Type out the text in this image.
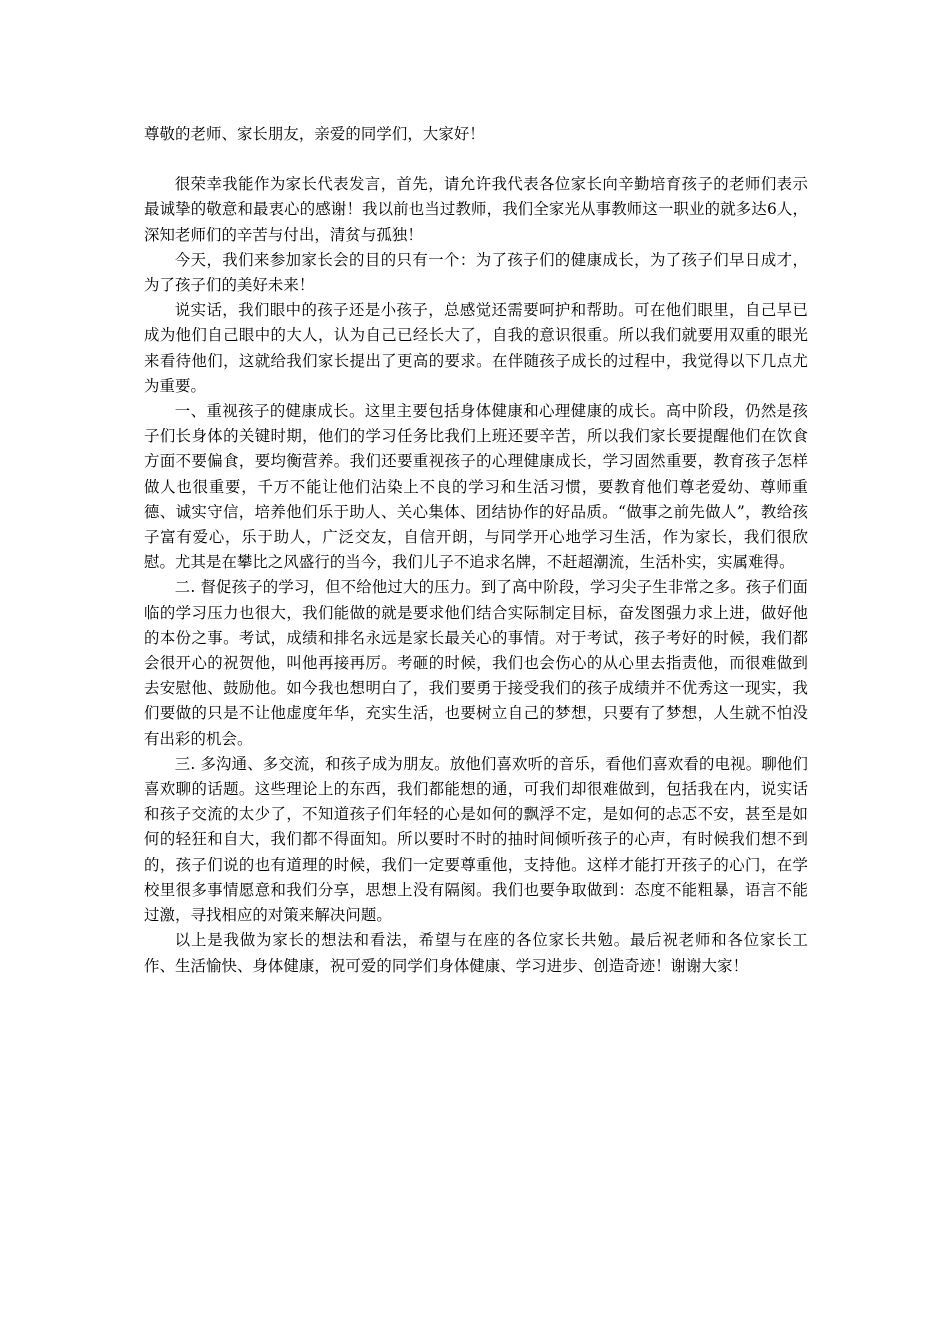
尊敬的老师、家长朋友，亲爱的同学们，大家好！

很荣幸我能作为家长代表发言，首先，请允许我代表各位家长向辛勤培育孩子的老师们表示最诚挚的敬意和最衷心的感谢！我以前也当过教师，我们全家光从事教师这一职业的就多达6人，深知老师们的辛苦与付出，清贫与孤独！

今天，我们来参加家长会的目的只有一个：为了孩子们的健康成长，为了孩子们早日成才，为了孩子们的美好未来！

说实话，我们眼中的孩子还是小孩子，总感觉还需要呵护和帮助。可在他们眼里，自己早已成为他们自己眼中的大人，认为自己已经长大了，自我的意识很重。所以我们就要用双重的眼光来看待他们，这就给我们家长提出了更高的要求。在伴随孩子成长的过程中，我觉得以下几点尤为重要。

一、重视孩子的健康成长。这里主要包括身体健康和心理健康的成长。高中阶段，仍然是孩子们长身体的关键时期，他们的学习任务比我们上班还要辛苦，所以我们家长要提醒他们在饮食方面不要偏食，要均衡营养。我们还要重视孩子的心理健康成长，学习固然重要，教育孩子怎样做人也很重要，千万不能让他们沾染上不良的学习和生活习惯，要教育他们尊老爱幼、尊师重德、诚实守信，培养他们乐于助人、关心集体、团结协作的好品质。“做事之前先做人”，教给孩子富有爱心，乐于助人，广泛交友，自信开朗，与同学开心地学习生活，作为家长，我们很欣慰。尤其是在攀比之风盛行的当今，我们儿子不追求名牌，不赶超潮流，生活朴实，实属难得。

二. 督促孩子的学习，但不给他过大的压力。到了高中阶段，学习尖子生非常之多。孩子们面临的学习压力也很大，我们能做的就是要求他们结合实际制定目标，奋发图强力求上进，做好他的本份之事。考试，成绩和排名永远是家长最关心的事情。对于考试，孩子考好的时候，我们都会很开心的祝贺他，叫他再接再厉。考砸的时候，我们也会伤心的从心里去指责他，而很难做到去安慰他、鼓励他。如今我也想明白了，我们要勇于接受我们的孩子成绩并不优秀这一现实，我们要做的只是不让他虚度年华，充实生活，也要树立自己的梦想，只要有了梦想，人生就不怕没有出彩的机会。

三. 多沟通、多交流，和孩子成为朋友。放他们喜欢听的音乐，看他们喜欢看的电视。聊他们喜欢聊的话题。这些理论上的东西，我们都能想的通，可我们却很难做到，包括我在内，说实话和孩子交流的太少了，不知道孩子们年轻的心是如何的飘浮不定，是如何的忐忑不安，甚至是如何的轻狂和自大，我们都不得面知。所以要时不时的抽时间倾听孩子的心声，有时候我们想不到的，孩子们说的也有道理的时候，我们一定要尊重他，支持他。这样才能打开孩子的心门，在学校里很多事情愿意和我们分享，思想上没有隔阂。我们也要争取做到：态度不能粗暴，语言不能过激，寻找相应的对策来解决问题。

以上是我做为家长的想法和看法，希望与在座的各位家长共勉。最后祝老师和各位家长工作、生活愉快、身体健康，祝可爱的同学们身体健康、学习进步、创造奇迹！谢谢大家！
